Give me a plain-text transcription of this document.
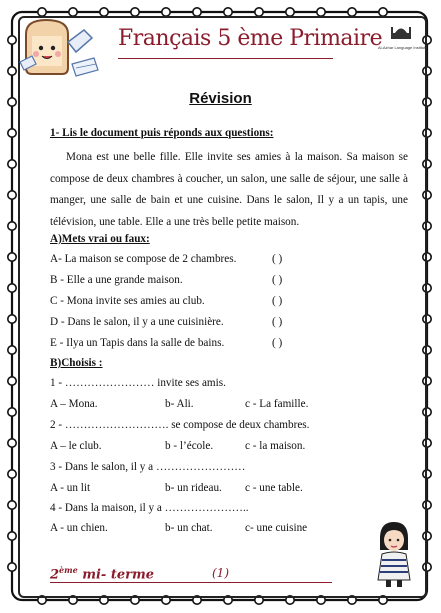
Français 5 ème Primaire
Al-Azhar Language Institute
Révision
1- Lis le document puis réponds aux questions:
Mona est une belle fille. Elle invite ses amies à la maison. Sa maison se compose de deux chambres à coucher, un salon, une salle de séjour, une salle à manger, une salle de bain et une cuisine. Dans le salon, Il y a un tapis, une télévision, une table. Elle a une très belle petite maison.
A)Mets vrai ou faux:
A- La maison se compose de 2 chambres.	( )
B - Elle a une grande maison.	( )
C - Mona invite ses amies au club.	( )
D - Dans le salon, il y a une cuisinière.	( )
E - Ilya un Tapis dans la salle de bains.	( )
B)Choisis :
1 - …………………… invite ses amis.
A – Mona.	b- Ali.	c - La famille.
2 - ………………………. se compose de deux chambres.
A – le club.	b - l’école.	c - la maison.
3 - Dans le salon, il y a ……………………
A - un lit	b- un rideau. c - une table.
4 - Dans la maison, il y a …………………..
A - un chien.	b- un chat.	c- une cuisine
2ème mi- terme	(1)
